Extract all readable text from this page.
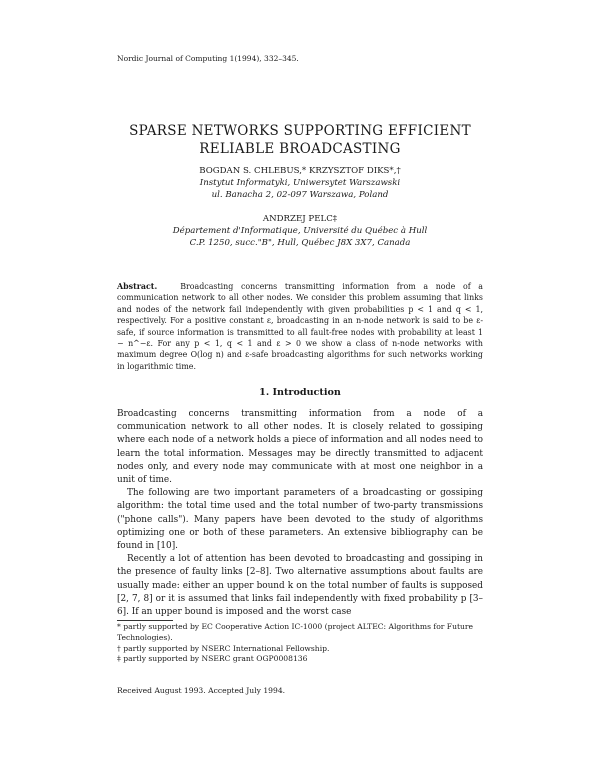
Nordic Journal of Computing 1(1994), 332–345.
SPARSE NETWORKS SUPPORTING EFFICIENT
RELIABLE BROADCASTING
BOGDAN S. CHLEBUS,* KRZYSZTOF DIKS*,†
Instytut Informatyki, Uniwersytet Warszawski
ul. Banacha 2, 02-097 Warszawa, Poland
ANDRZEJ PELC‡
Département d'Informatique, Université du Québec à Hull
C.P. 1250, succ."B", Hull, Québec J8X 3X7, Canada
Abstract.	Broadcasting concerns transmitting information from a node of a communication network to all other nodes. We consider this problem assuming that links and nodes of the network fail independently with given probabilities p < 1 and q < 1, respectively. For a positive constant ε, broadcasting in an n-node network is said to be ε-safe, if source information is transmitted to all fault-free nodes with probability at least 1 − n^−ε. For any p < 1, q < 1 and ε > 0 we show a class of n-node networks with maximum degree O(log n) and ε-safe broadcasting algorithms for such networks working in logarithmic time.
1. Introduction

Broadcasting concerns transmitting information from a node of a communication network to all other nodes. It is closely related to gossiping where each node of a network holds a piece of information and all nodes need to learn the total information. Messages may be directly transmitted to adjacent nodes only, and every node may communicate with at most one neighbor in a unit of time.

The following are two important parameters of a broadcasting or gossiping algorithm: the total time used and the total number of two-party transmissions ("phone calls"). Many papers have been devoted to the study of algorithms optimizing one or both of these parameters. An extensive bibliography can be found in [10].

Recently a lot of attention has been devoted to broadcasting and gossiping in the presence of faulty links [2–8]. Two alternative assumptions about faults are usually made: either an upper bound k on the total number of faults is supposed [2, 7, 8] or it is assumed that links fail independently with fixed probability p [3–6]. If an upper bound is imposed and the worst case

* partly supported by EC Cooperative Action IC-1000 (project ALTEC: Algorithms for Future Technologies).
† partly supported by NSERC International Fellowship.
‡ partly supported by NSERC grant OGP0008136
Received August 1993. Accepted July 1994.
